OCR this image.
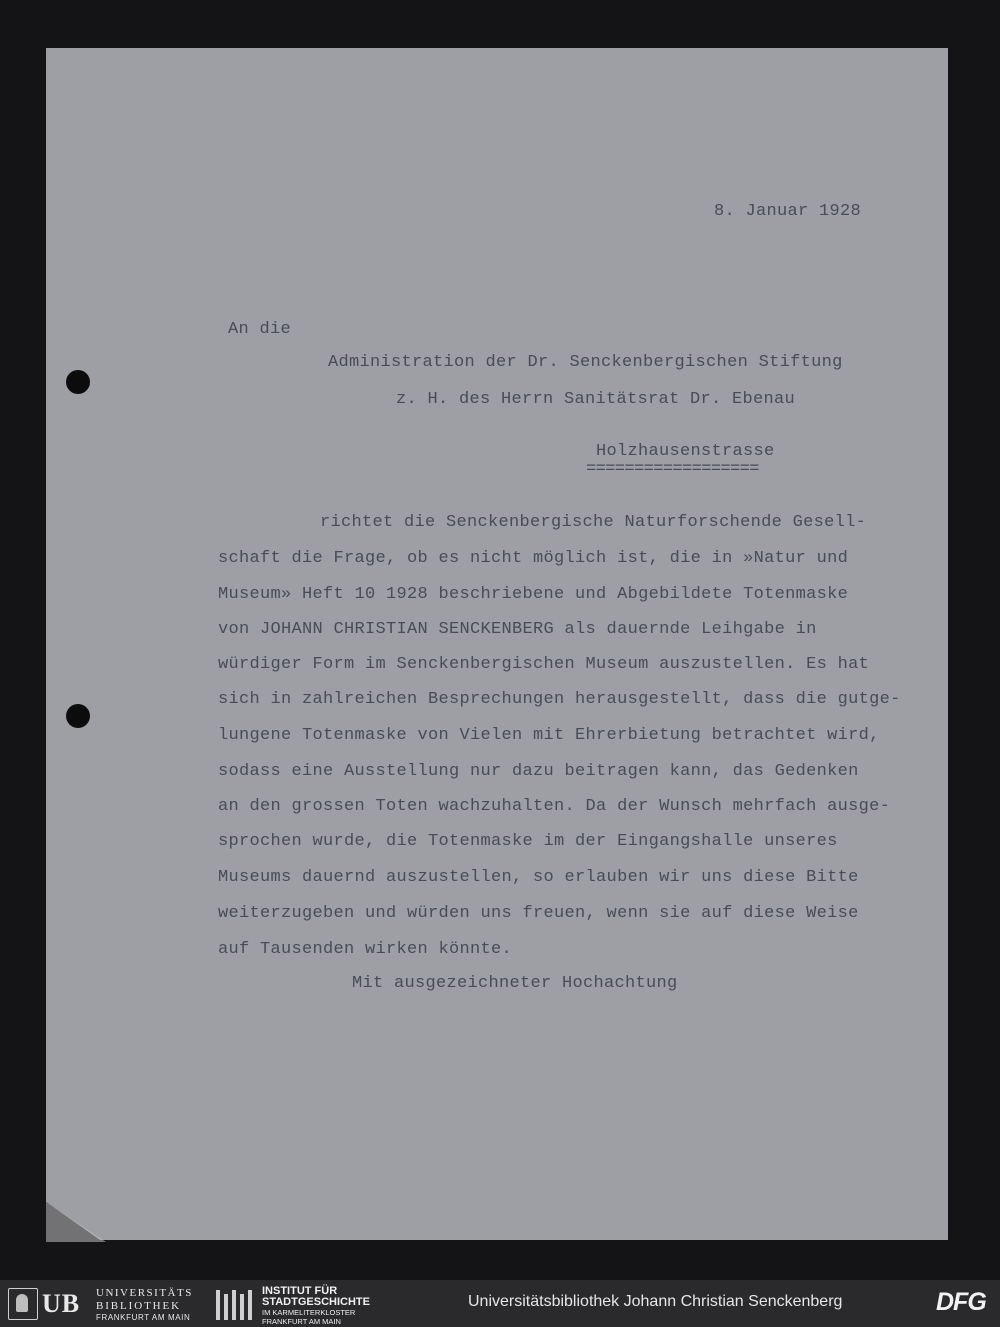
8. Januar 1928
An die
Administration der Dr. Senckenbergischen Stiftung
z. H. des Herrn Sanitätsrat Dr. Ebenau
Holzhausenstrasse
==================
richtet die Senckenbergische Naturforschende Gesell-
schaft die Frage, ob es nicht möglich ist, die in »Natur und
Museum» Heft 10 1928 beschriebene und Abgebildete Totenmaske
von JOHANN CHRISTIAN SENCKENBERG als dauernde Leihgabe in
würdiger Form im Senckenbergischen Museum auszustellen. Es hat
sich in zahlreichen Besprechungen herausgestellt, dass die gutge-
lungene Totenmaske von Vielen mit Ehrerbietung betrachtet wird,
sodass eine Ausstellung nur dazu beitragen kann, das Gedenken
an den grossen Toten wachzuhalten. Da der Wunsch mehrfach ausge-
sprochen wurde, die Totenmaske im der Eingangshalle unseres
Museums dauernd auszustellen, so erlauben wir uns diese Bitte
weiterzugeben und würden uns freuen, wenn sie auf diese Weise
auf Tausenden wirken könnte.
Mit ausgezeichneter Hochachtung
UB UNIVERSITÄTS
BIBLIOTHEK
FRANKFURT AM MAIN
INSTITUT FÜR
STADTGESCHICHTE
IM KARMELITERKLOSTER
FRANKFURT AM MAIN
Universitätsbibliothek Johann Christian Senckenberg	DFG
